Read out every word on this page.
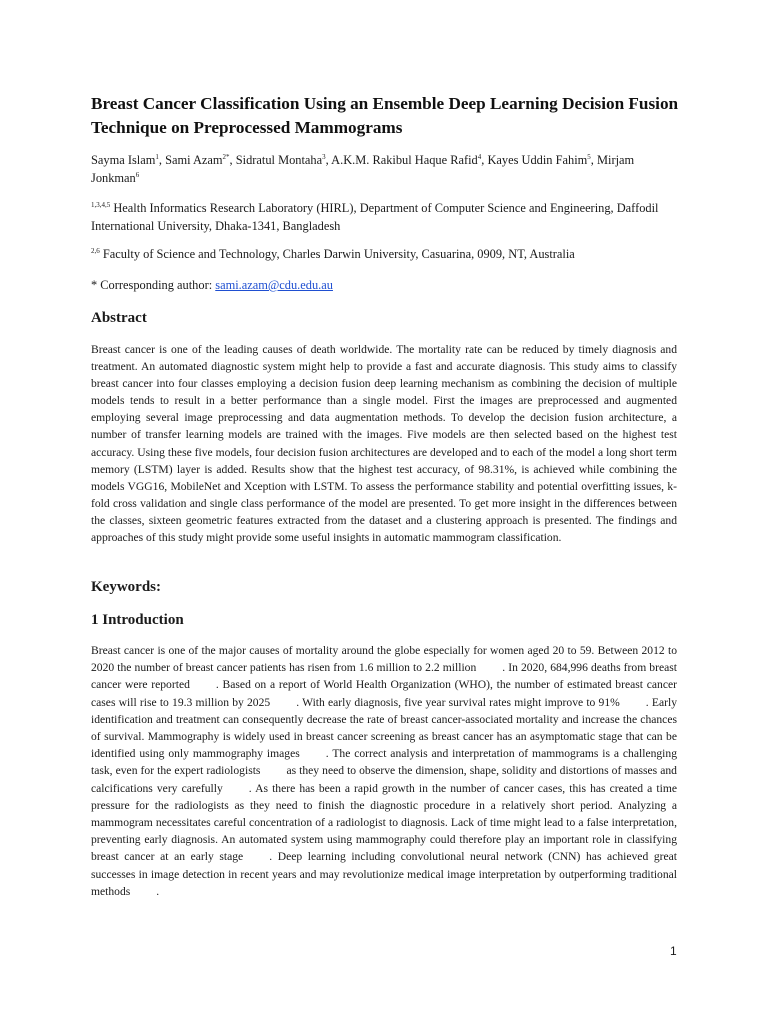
Breast Cancer Classification Using an Ensemble Deep Learning Decision Fusion Technique on Preprocessed Mammograms
Sayma Islam$^1$, Sami Azam$^{2*}$, Sidratul Montaha$^3$, A.K.M. Rakibul Haque Rafid$^4$, Kayes Uddin Fahim$^5$, Mirjam Jonkman$^6$
$^{1,3,4,5}$ Health Informatics Research Laboratory (HIRL), Department of Computer Science and Engineering, Daffodil International University, Dhaka-1341, Bangladesh
$^{2,6}$ Faculty of Science and Technology, Charles Darwin University, Casuarina, 0909, NT, Australia
* Corresponding author: sami.azam@cdu.edu.au
Abstract

Breast cancer is one of the leading causes of death worldwide. The mortality rate can be reduced by timely diagnosis and treatment. An automated diagnostic system might help to provide a fast and accurate diagnosis. This study aims to classify breast cancer into four classes employing a decision fusion deep learning mechanism as combining the decision of multiple models tends to result in a better performance than a single model. First the images are preprocessed and augmented employing several image preprocessing and data augmentation methods. To develop the decision fusion architecture, a number of transfer learning models are trained with the images. Five models are then selected based on the highest test accuracy. Using these five models, four decision fusion architectures are developed and to each of the model a long short term memory (LSTM) layer is added. Results show that the highest test accuracy, of 98.31%, is achieved while combining the models VGG16, MobileNet and Xception with LSTM. To assess the performance stability and potential overfitting issues, k-fold cross validation and single class performance of the model are presented. To get more insight in the differences between the classes, sixteen geometric features extracted from the dataset and a clustering approach is presented. The findings and approaches of this study might provide some useful insights in automatic mammogram classification.

Keywords:
1 Introduction

Breast cancer is one of the major causes of mortality around the globe especially for women aged 20 to 59. Between 2012 to 2020 the number of breast cancer patients has risen from 1.6 million to 2.2 million . In 2020, 684,996 deaths from breast cancer were reported . Based on a report of World Health Organization (WHO), the number of estimated breast cancer cases will rise to 19.3 million by 2025 . With early diagnosis, five year survival rates might improve to 91% . Early identification and treatment can consequently decrease the rate of breast cancer-associated mortality and increase the chances of survival. Mammography is widely used in breast cancer screening as breast cancer has an asymptomatic stage that can be identified using only mammography images . The correct analysis and interpretation of mammograms is a challenging task, even for the expert radiologists as they need to observe the dimension, shape, solidity and distortions of masses and calcifications very carefully . As there has been a rapid growth in the number of cancer cases, this has created a time pressure for the radiologists as they need to finish the diagnostic procedure in a relatively short period. Analyzing a mammogram necessitates careful concentration of a radiologist to diagnosis. Lack of time might lead to a false interpretation, preventing early diagnosis. An automated system using mammography could therefore play an important role in classifying breast cancer at an early stage . Deep learning including convolutional neural network (CNN) has achieved great successes in image detection in recent years and may revolutionize medical image interpretation by outperforming traditional methods .

1
